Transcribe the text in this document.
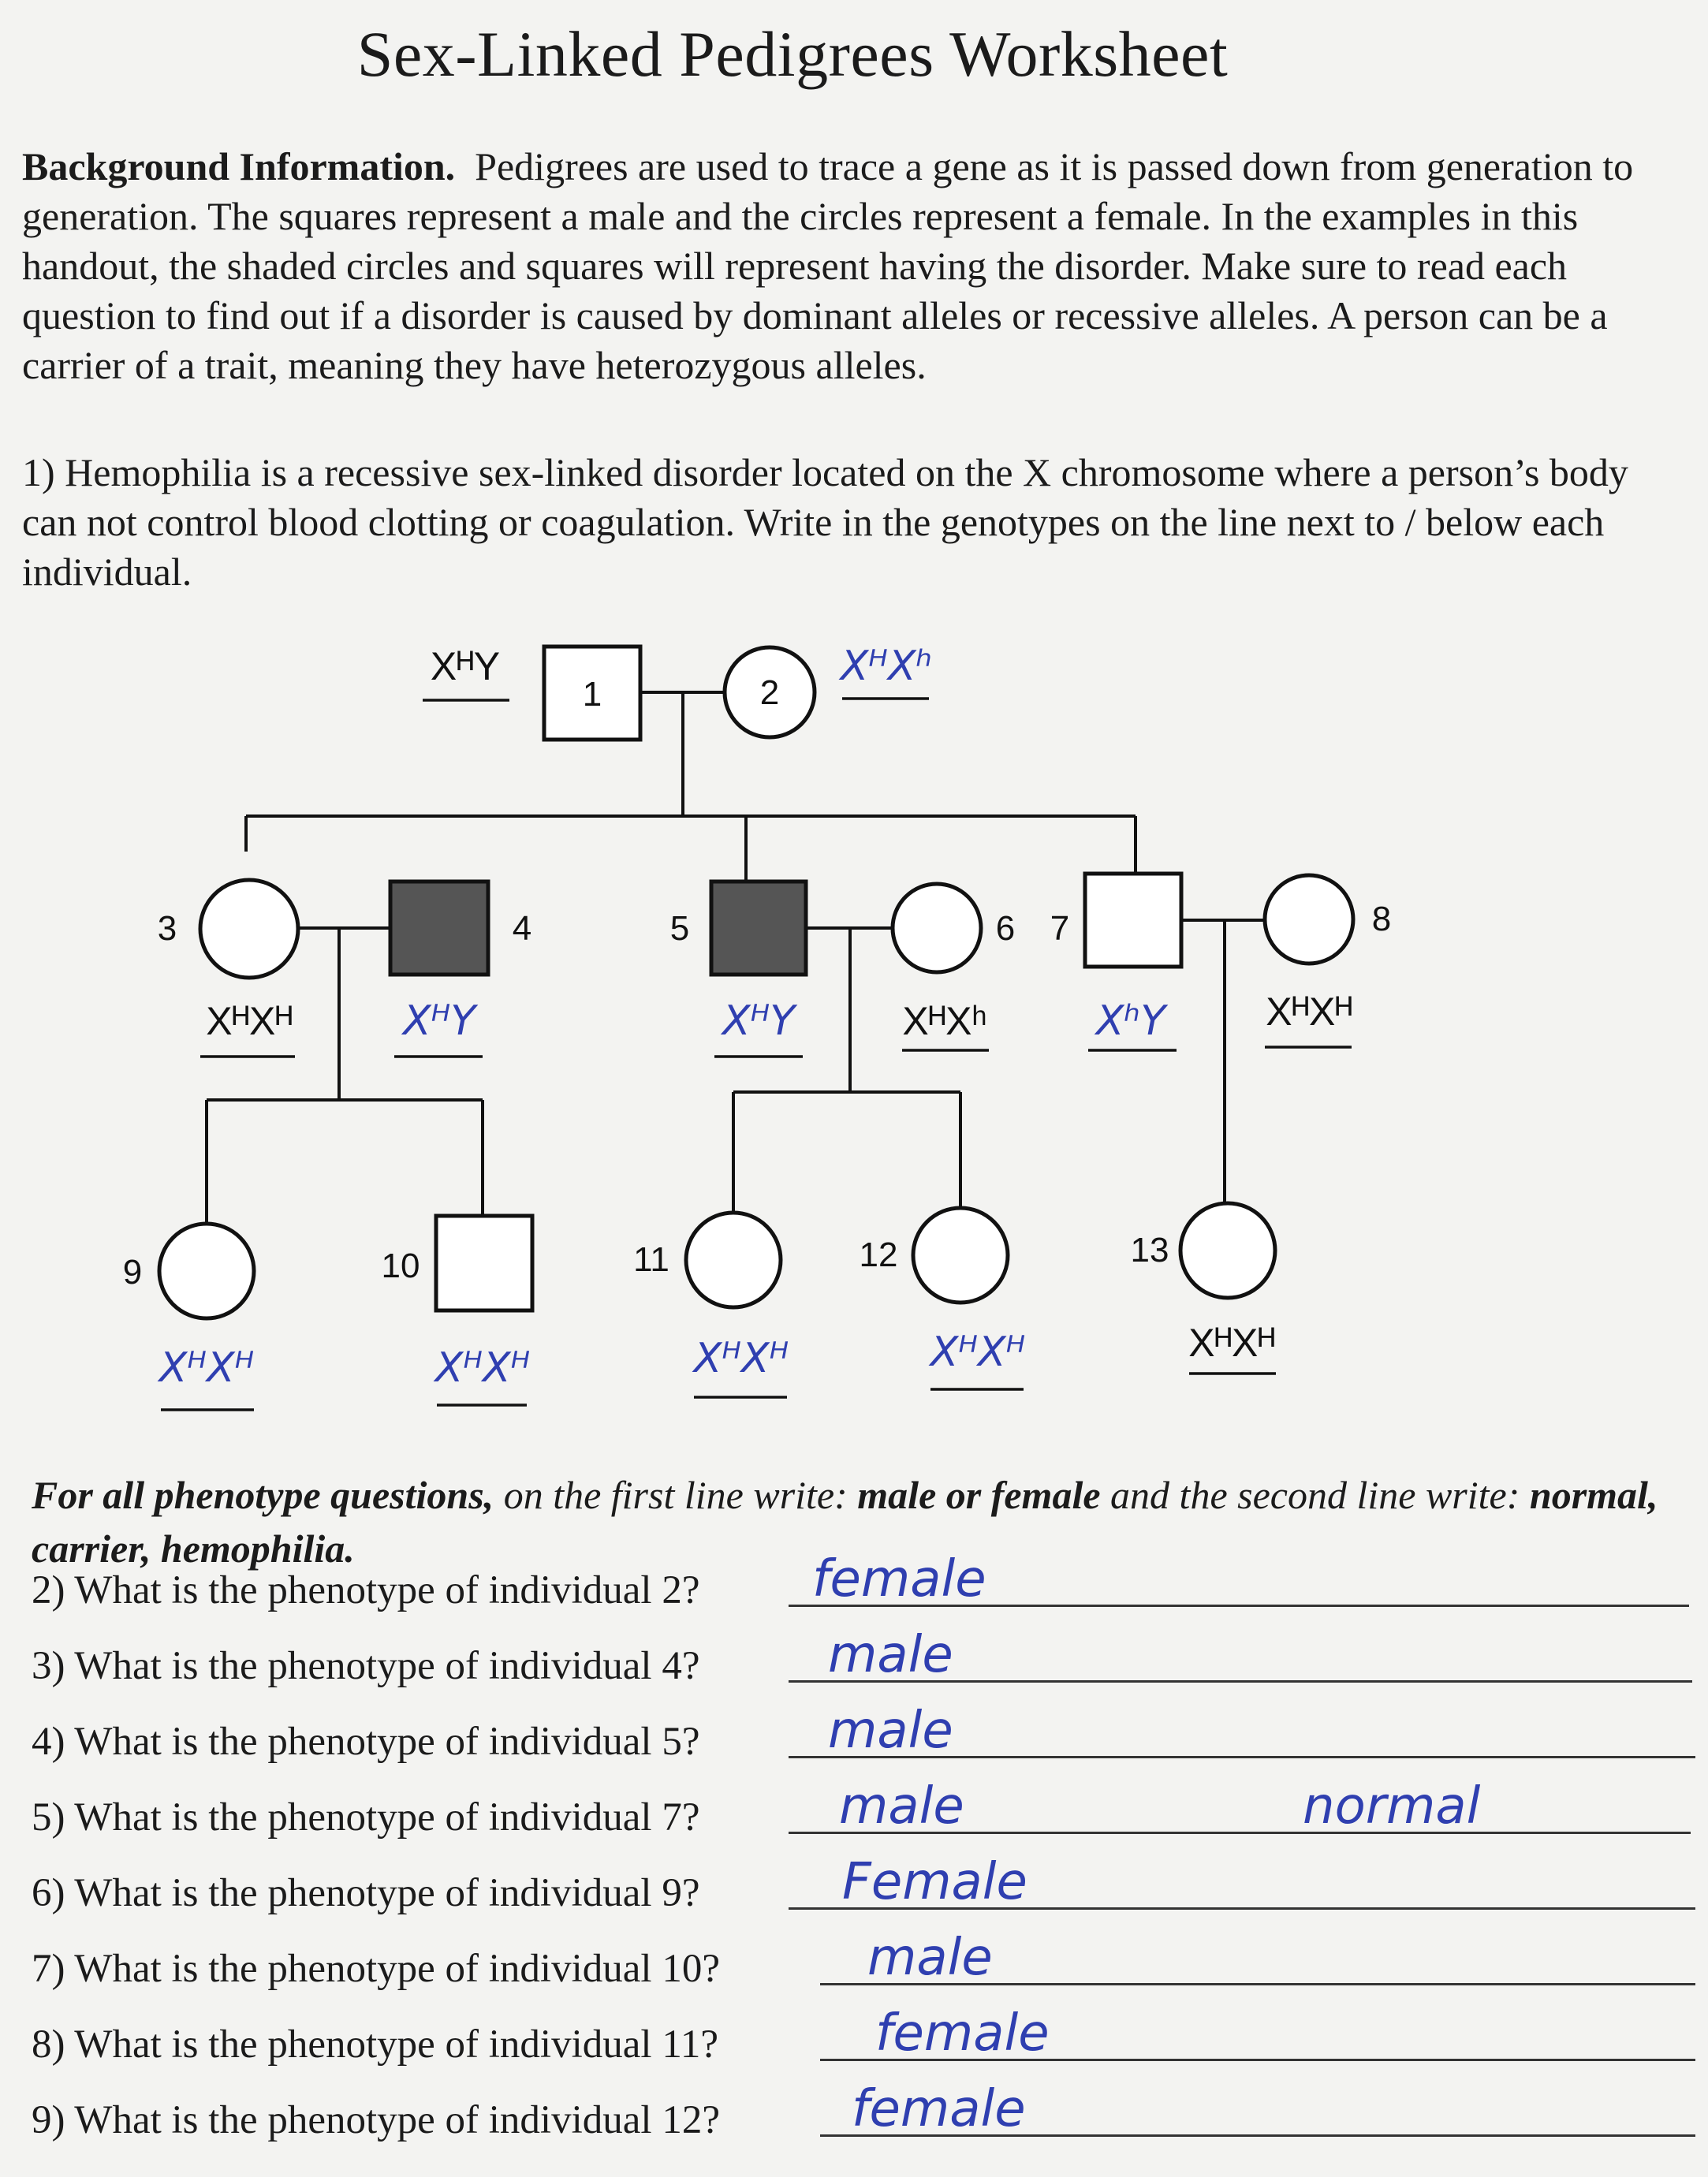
Sex-Linked Pedigrees Worksheet
Background Information. Pedigrees are used to trace a gene as it is passed down from generation to generation. The squares represent a male and the circles represent a female. In the examples in this handout, the shaded circles and squares will represent having the disorder. Make sure to read each question to find out if a disorder is caused by dominant alleles or recessive alleles. A person can be a carrier of a trait, meaning they have heterozygous alleles.
1) Hemophilia is a recessive sex-linked disorder located on the X chromosome where a person’s body can not control blood clotting or coagulation. Write in the genotypes on the line next to / below each individual.
1
XᴴY
2
XᴴXʰ
3
XᴴXᴴ
4
XᴴY
5
XᴴY
6
XᴴXʰ
7
XʰY
8
XᴴXᴴ
9
XᴴXᴴ
10
XᴴXᴴ
11
XᴴXᴴ
12
XᴴXᴴ
13
XᴴXᴴ
For all phenotype questions, on the first line write: male or female and the second line write: normal, carrier, hemophilia.
2) What is the phenotype of individual 2? female
3) What is the phenotype of individual 4?	male
4) What is the phenotype of individual 5?	male
5) What is the phenotype of individual 7?	male	normal
6) What is the phenotype of individual 9?	Female
7) What is the phenotype of individual 10?	male
8) What is the phenotype of individual 11?	female
9) What is the phenotype of individual 12?	female
